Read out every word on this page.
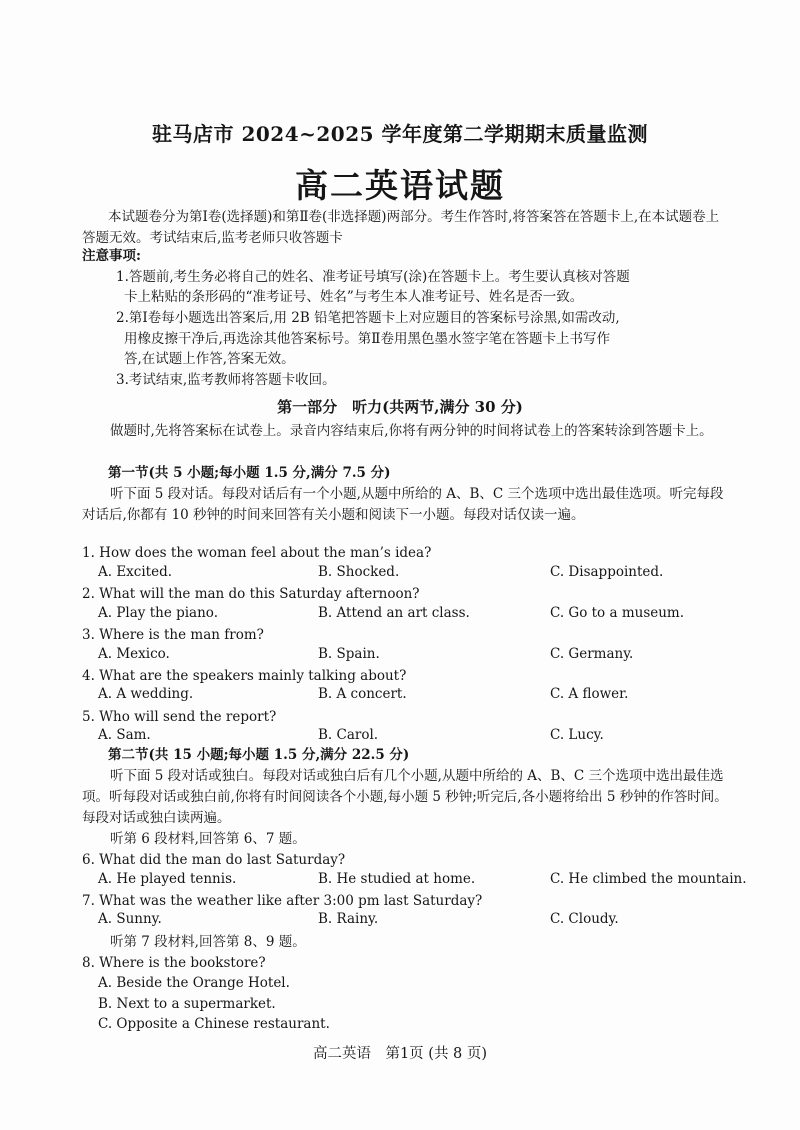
驻马店市 2024~2025 学年度第二学期期末质量监测
高二英语试题

本试题卷分为第Ⅰ卷(选择题)和第Ⅱ卷(非选择题)两部分。考生作答时,将答案答在答题卡上,在本试题卷上答题无效。考试结束后,监考老师只收答题卡

注意事项:
1.答题前,考生务必将自己的姓名、准考证号填写(涂)在答题卡上。考生要认真核对答题
卡上粘贴的条形码的“准考证号、姓名”与考生本人准考证号、姓名是否一致。
2.第Ⅰ卷每小题选出答案后,用 2B 铅笔把答题卡上对应题目的答案标号涂黑,如需改动,
用橡皮擦干净后,再选涂其他答案标号。第Ⅱ卷用黑色墨水签字笔在答题卡上书写作
答,在试题上作答,答案无效。
3.考试结束,监考教师将答题卡收回。
第一部分　听力(共两节,满分 30 分)

做题时,先将答案标在试卷上。录音内容结束后,你将有两分钟的时间将试卷上的答案转涂到答题卡上。

第一节(共 5 小题;每小题 1.5 分,满分 7.5 分)

听下面 5 段对话。每段对话后有一个小题,从题中所给的 A、B、C 三个选项中选出最佳选项。听完每段对话后,你都有 10 秒钟的时间来回答有关小题和阅读下一小题。每段对话仅读一遍。

1. How does the woman feel about the man’s idea?
A. Excited.	B. Shocked.	C. Disappointed.
2. What will the man do this Saturday afternoon?
A. Play the piano.	B. Attend an art class.	C. Go to a museum.
3. Where is the man from?
A. Mexico.	B. Spain.	C. Germany.
4. What are the speakers mainly talking about?
A. A wedding.	B. A concert.	C. A flower.
5. Who will send the report?
A. Sam.	B. Carol.	C. Lucy.
第二节(共 15 小题;每小题 1.5 分,满分 22.5 分)

听下面 5 段对话或独白。每段对话或独白后有几个小题,从题中所给的 A、B、C 三个选项中选出最佳选项。听每段对话或独白前,你将有时间阅读各个小题,每小题 5 秒钟;听完后,各小题将给出 5 秒钟的作答时间。每段对话或独白读两遍。

听第 6 段材料,回答第 6、7 题。
6. What did the man do last Saturday?
A. He played tennis.	B. He studied at home.	C. He climbed the mountain.
7. What was the weather like after 3:00 pm last Saturday?
A. Sunny.	B. Rainy.	C. Cloudy.
听第 7 段材料,回答第 8、9 题。
8. Where is the bookstore?
A. Beside the Orange Hotel.
B. Next to a supermarket.
C. Opposite a Chinese restaurant.
高二英语　第1页 (共 8 页)
